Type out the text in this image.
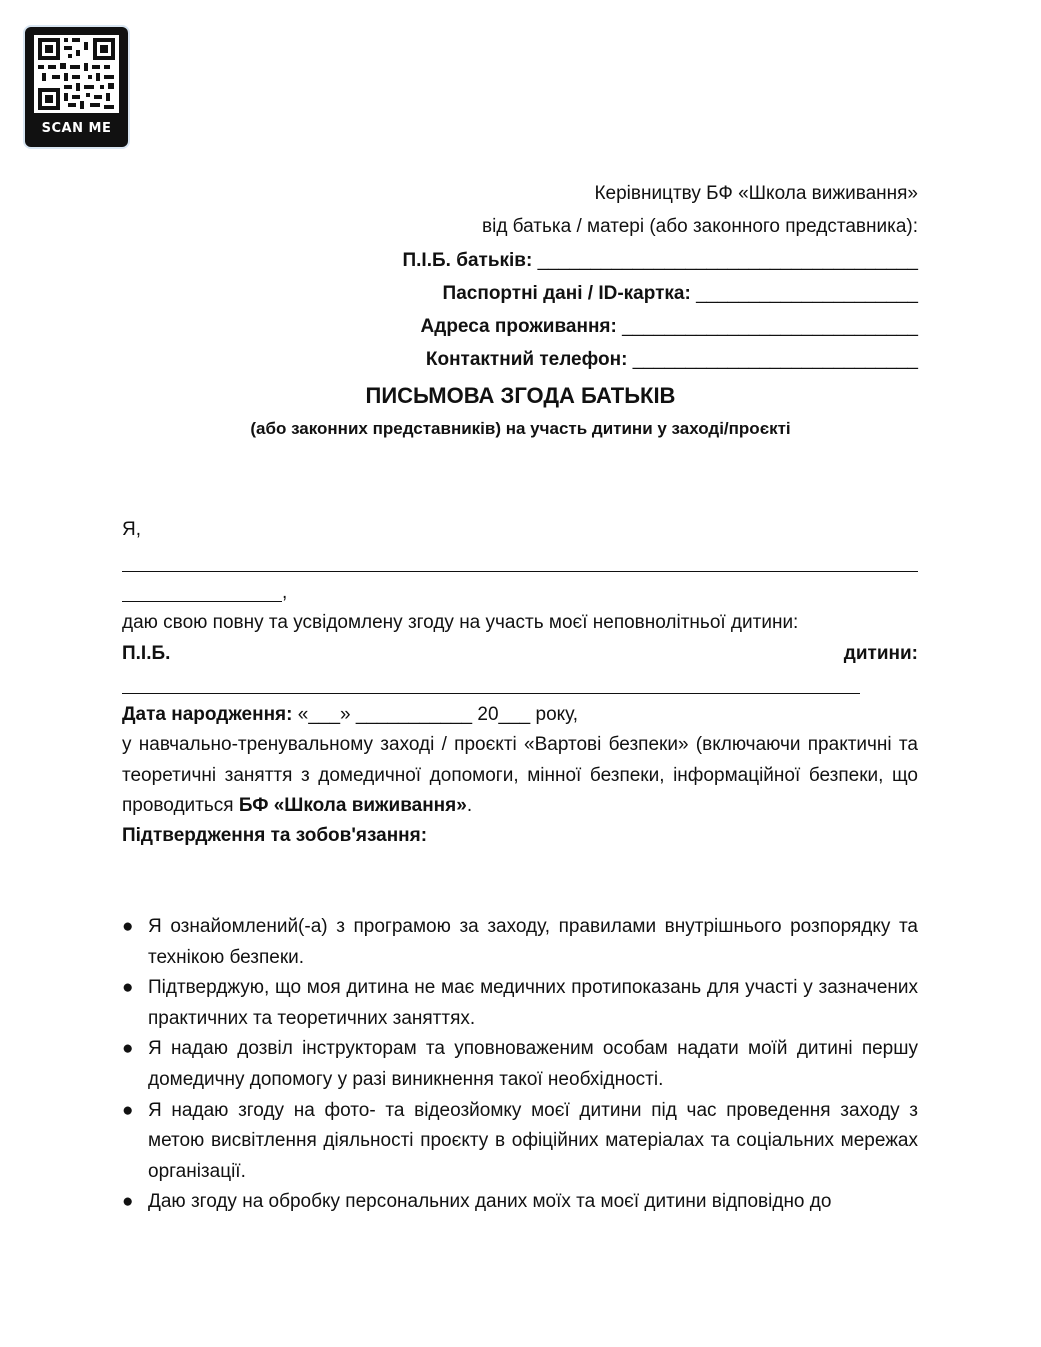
SCAN ME
Керівництву БФ «Школа виживання»
від батька / матері (або законного представника):
П.І.Б. батьків: ____________________________________
Паспортні дані / ID-картка: _____________________
Адреса проживання: ____________________________
Контактний телефон: ___________________________
ПИСЬМОВА ЗГОДА БАТЬКІВ
(або законних представників) на участь дитини у заході/проєкті
Я,
,
даю свою повну та усвідомлену згоду на участь моєї неповнолітньої дитини:
П.І.Б.	дитини:
Дата народження: «___» ___________ 20___ року,
у навчально-тренувальному заході / проєкті «Вартові безпеки» (включаючи практичні та теоретичні заняття з домедичної допомоги, мінної безпеки, інформаційної безпеки, що проводиться БФ «Школа виживання».
Підтвердження та зобов'язання:
● Я ознайомлений(-а) з програмою за заходу, правилами внутрішнього розпорядку та технікою безпеки.
● Підтверджую, що моя дитина не має медичних протипоказань для участі у зазначених практичних та теоретичних заняттях.
● Я надаю дозвіл інструкторам та уповноваженим особам надати моїй дитині першу домедичну допомогу у разі виникнення такої необхідності.
● Я надаю згоду на фото- та відеозйомку моєї дитини під час проведення заходу з метою висвітлення діяльності проєкту в офіційних матеріалах та соціальних мережах організації.
● Даю згоду на обробку персональних даних моїх та моєї дитини відповідно до
